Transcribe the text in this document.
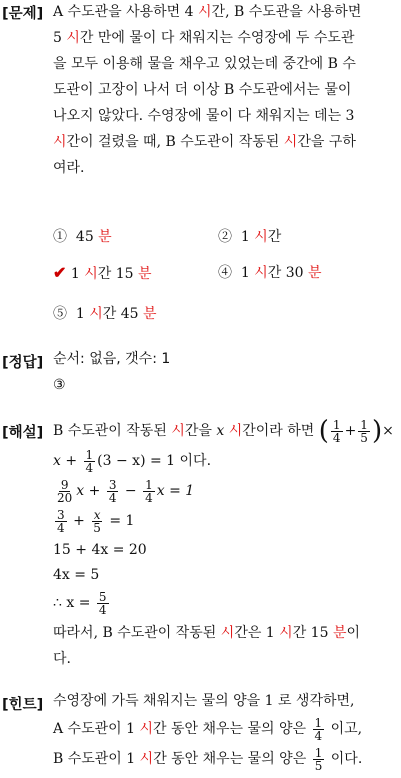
[문제] A 수도관을 사용하면 4 시간, B 수도관을 사용하면
5 시간 만에 물이 다 채워지는 수영장에 두 수도관
을 모두 이용해 물을 채우고 있었는데 중간에 B 수
도관이 고장이 나서 더 이상 B 수도관에서는 물이
나오지 않았다. 수영장에 물이 다 채워지는 데는 3
시간이 걸렸을 때, B 수도관이 작동된 시간을 구하
여라.
① 45 분	② 1 시간
✔ 1 시간 15 분	④ 1 시간 30 분
⑤ 1 시간 45 분
[정답] 순서: 없음, 갯수: 1
③
[해설] B 수도관이 작동된 시간을 x 시간이라 하면 ( $\frac{1}{4} + \frac{1}{5}$ )×
$x + \frac{1}{4} (3 - x) = 1$ 이다.
$\frac{9}{20}$ $x + \frac{3}{4} - \frac{1}{4}$ x = 1
$\frac{3}{4} + \frac{x}{5} = 1$
15 + 4x = 20
4x = 5
∴ $x = \frac{5}{4}$
따라서, B 수도관이 작동된 시간은 1 시간 15 분이
다.
[힌트] 수영장에 가득 채워지는 물의 양을 1 로 생각하면,
A 수도관이 1 시간 동안 채우는 물의 양은 $\frac{1}{4}$ 이고,
B 수도관이 1 시간 동안 채우는 물의 양은 $\frac{1}{5}$ 이다.
